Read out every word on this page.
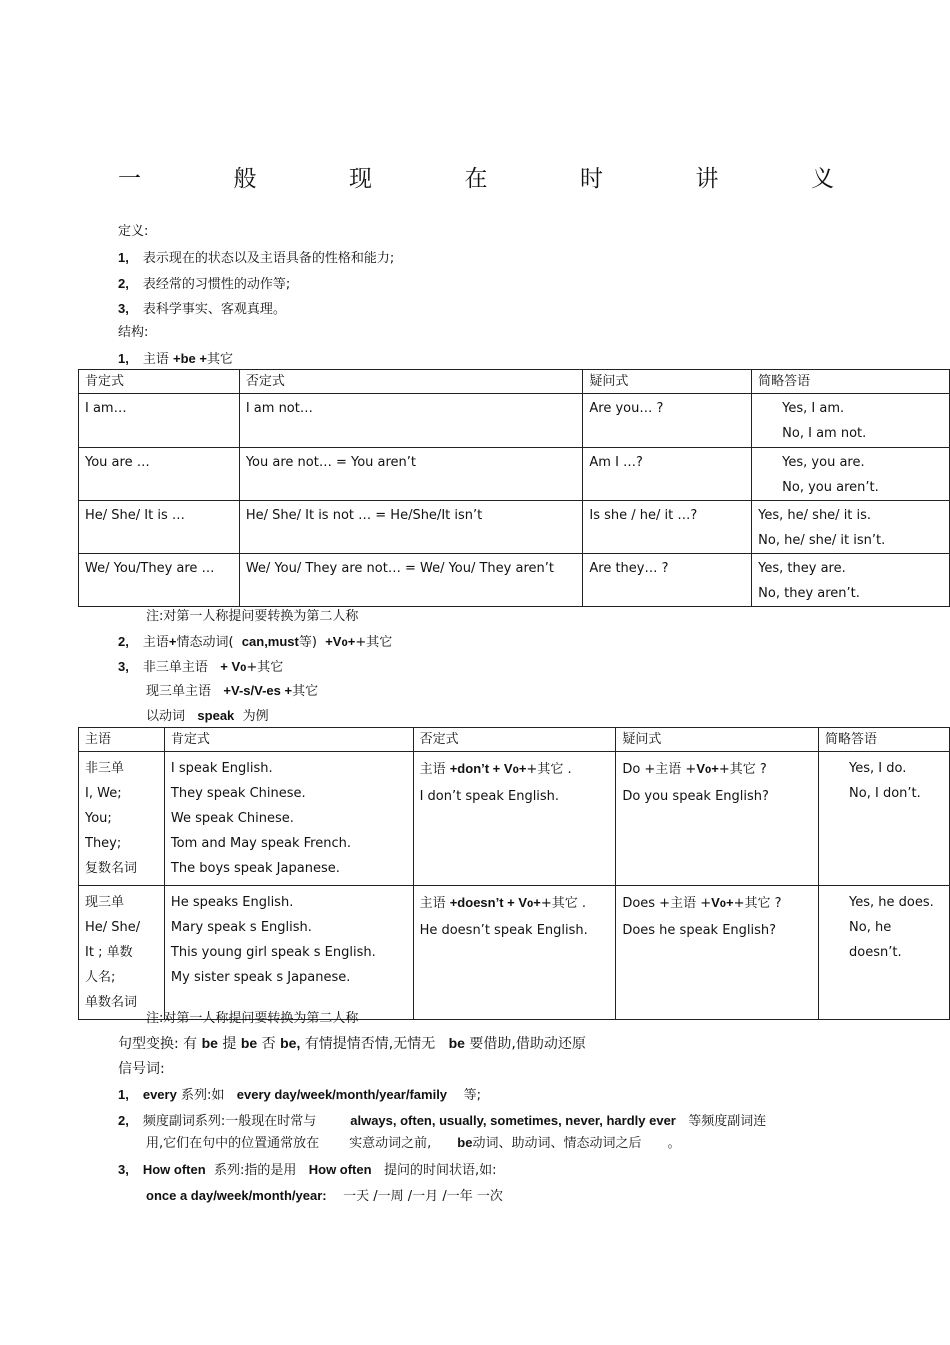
一	般	现	在	时	讲	义
定义:
1, 表示现在的状态以及主语具备的性格和能力;
2, 表经常的习惯性的动作等;
3, 表科学事实、客观真理。
结构:
1, 主语 +be +其它
肯定式	否定式	疑问式	简略答语
I am…	I am not…	Are you… ?	Yes, I am.
No, I am not.

You are …	You are not… = You aren’t	Am I …?	Yes, you are.
No, you aren’t.

He/ She/ It is …	He/ She/ It is not … = He/She/It isn’t	Is she / he/ it …?	Yes, he/ she/ it is.
No, he/ she/ it isn’t.

We/ You/They are …	We/ You/ They are not… = We/ You/ They aren’t	Are they… ?	Yes, they are.
No, they aren’t.
注:对第一人称提问要转换为第二人称
2, 主语+情态动词( can,must等) +V0++其它
3, 非三单主语 + V0+其它
现三单主语 +V-s/V-es +其它
以动词 speak 为例
主语	肯定式	否定式	疑问式	简略答语

非三单
I, We;
You;
They;
复数名词	I speak English.
They speak Chinese.
We speak Chinese.
Tom and May speak French.
The boys speak Japanese.	主语 +don’t + V0++其它 .
I don’t speak English.	Do +主语 +V0++其它 ?
Do you speak English?	Yes, I do.
No, I don’t.

现三单
He/ She/
It ; 单数
人名;
单数名词	He speaks English.
Mary speak s English.
This young girl speak s English.
My sister speak s Japanese.	主语 +doesn’t + V0++其它 .
He doesn’t speak English.	Does +主语 +V0++其它 ?
Does he speak English?	Yes, he does.
No, he doesn’t.
注:对第一人称提问要转换为第二人称
句型变换: 有 be 提 be 否 be, 有情提情否情,无情无 be 要借助,借助动还原
信号词:
1, every 系列:如 every day/week/month/year/family 等;
2, 频度副词系列:一般现在时常与	always, often, usually, sometimes, never, hardly ever 等频度副词连
用,它们在句中的位置通常放在 实意动词之前, be动词、助动词、情态动词之后 。
3, How often 系列:指的是用 How often 提问的时间状语,如:
once a day/week/month/year: 一天 /一周 /一月 /一年 一次
